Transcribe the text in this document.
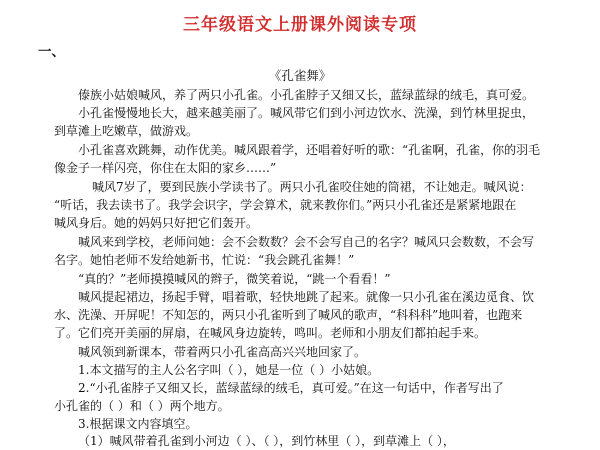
三年级语文上册课外阅读专项
一、
《孔雀舞》
傣族小姑娘喊风，养了两只小孔雀。小孔雀脖子又细又长，蓝绿蓝绿的绒毛，真可爱。
小孔雀慢慢地长大，越来越美丽了。喊风带它们到小河边饮水、洗澡，到竹林里捉虫，
到草滩上吃嫩草，做游戏。
小孔雀喜欢跳舞，动作优美。喊风跟着学，还唱着好听的歌：“孔雀啊，孔雀，你的羽毛
像金子一样闪亮，你住在太阳的家乡……”
喊风7岁了，要到民族小学读书了。两只小孔雀咬住她的筒裙，不让她走。喊风说：
“听话，我去读书了。我学会识字，学会算术，就来教你们。”两只小孔雀还是紧紧地跟在
喊风身后。她的妈妈只好把它们轰开。
喊风来到学校，老师问她：会不会数数？会不会写自己的名字？喊风只会数数，不会写
名字。她怕老师不发给她新书，忙说：“我会跳孔雀舞！”
“真的？”老师摸摸喊风的辫子，微笑着说，“跳一个看看！”
喊风提起裙边，扬起手臂，唱着歌，轻快地跳了起来。就像一只小孔雀在溪边觅食、饮
水、洗澡、开屏呢！不知怎的，两只小孔雀听到了喊风的歌声，“科科科”地叫着，也跑来
了。它们亮开美丽的屏扇，在喊风身边旋转，鸣叫。老师和小朋友们都拍起手来。
喊风领到新课本，带着两只小孔雀高高兴兴地回家了。
1.本文描写的主人公名字叫（ ），她是一位（ ）小姑娘。
2.“小孔雀脖子又细又长，蓝绿蓝绿的绒毛，真可爱。”在这一句话中，作者写出了
小孔雀的（ ）和（ ）两个地方。
3.根据课文内容填空。
（1）喊风带着孔雀到小河边（ ）、（ ），到竹林里（ ），到草滩上（ ），
